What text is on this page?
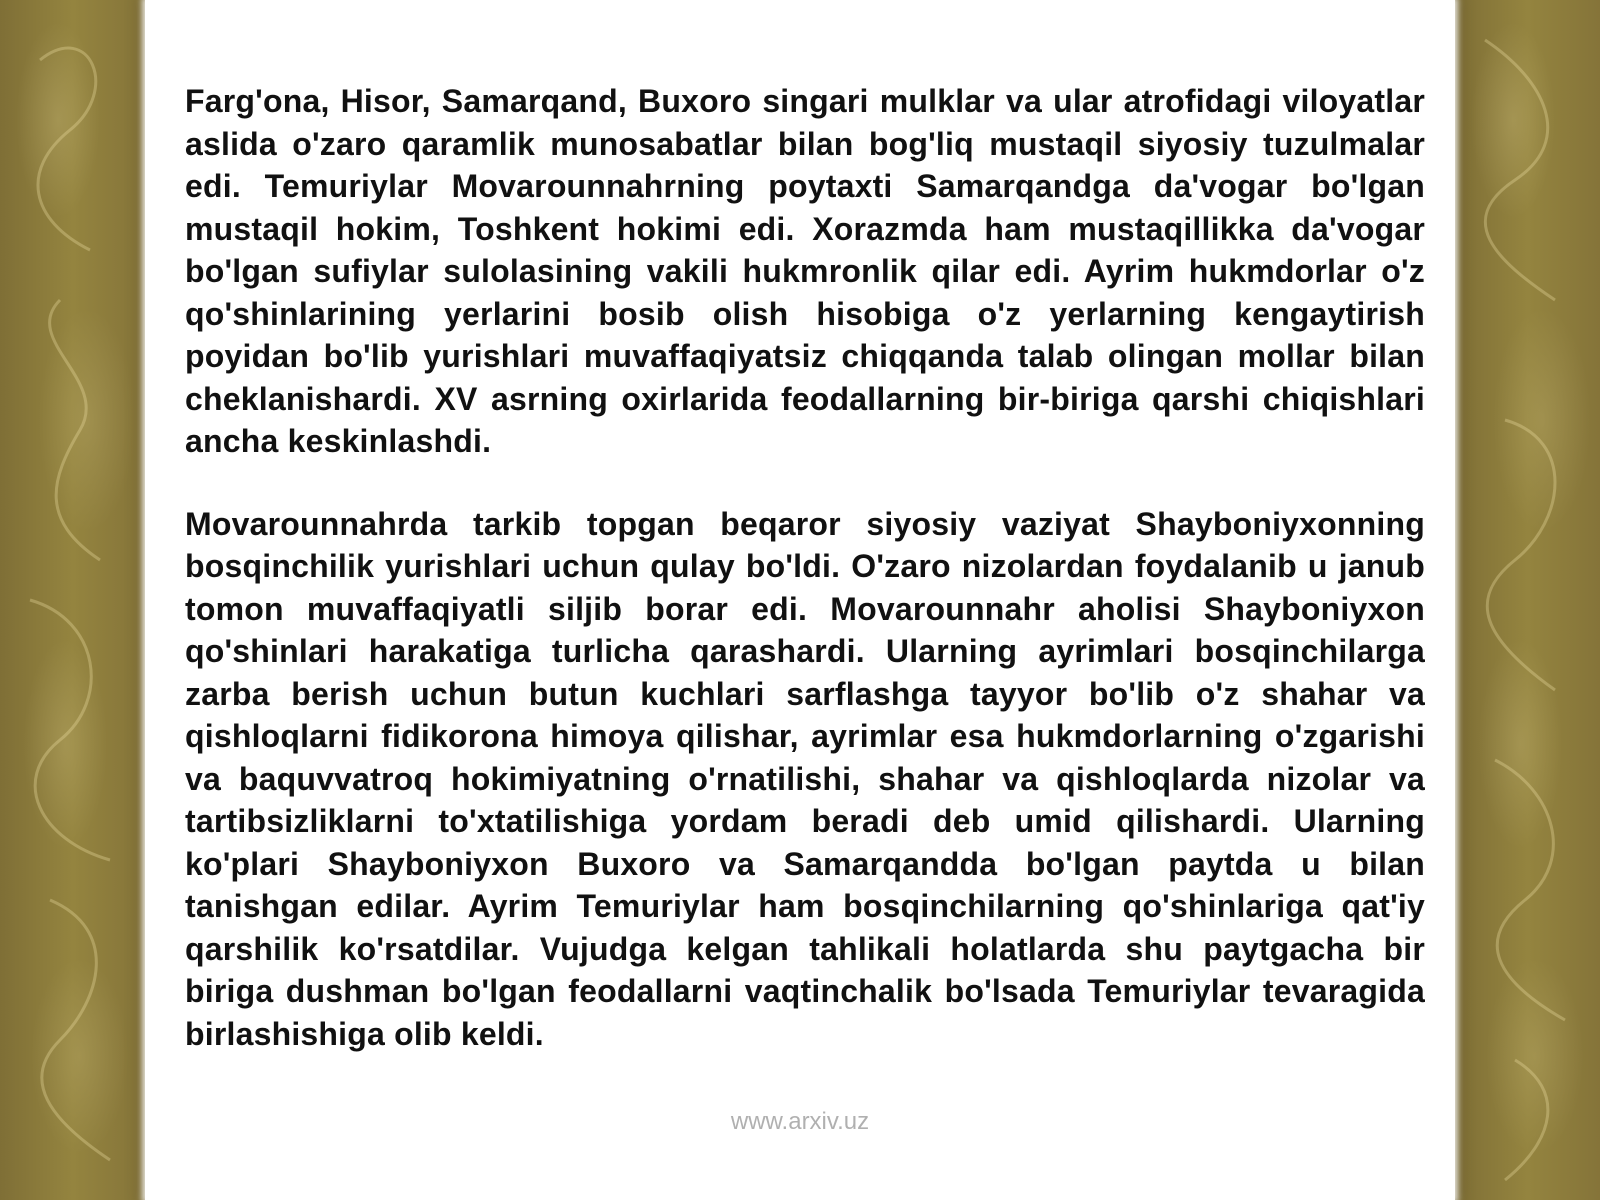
Farg'ona, Hisor, Samarqand, Buxoro singari mulklar va ular atrofidagi viloyatlar aslida o'zaro qaramlik munosabatlar bilan bog'liq mustaqil siyosiy tuzulmalar edi. Temuriylar Movarounnahrning poytaxti Samarqandga da'vogar bo'lgan mustaqil hokim, Toshkent hokimi edi. Xorazmda ham mustaqillikka da'vogar bo'lgan sufiylar sulolasining vakili hukmronlik qilar edi. Ayrim hukmdorlar o'z qo'shinlarining yerlarini bosib olish hisobiga o'z yerlarning kengaytirish poyidan bo'lib yurishlari muvaffaqiyatsiz chiqqanda talab olingan mollar bilan cheklanishardi. XV asrning oxirlarida feodallarning bir-biriga qarshi chiqishlari ancha keskinlashdi.

Movarounnahrda tarkib topgan beqaror siyosiy vaziyat Shayboniyxonning bosqinchilik yurishlari uchun qulay bo'ldi. O'zaro nizolardan foydalanib u janub tomon muvaffaqiyatli siljib borar edi. Movarounnahr aholisi Shayboniyxon qo'shinlari harakatiga turlicha qarashardi. Ularning ayrimlari bosqinchilarga zarba berish uchun butun kuchlari sarflashga tayyor bo'lib o'z shahar va qishloqlarni fidikorona himoya qilishar, ayrimlar esa hukmdorlarning o'zgarishi va baquvvatroq hokimiyatning o'rnatilishi, shahar va qishloqlarda nizolar va tartibsizliklarni to'xtatilishiga yordam beradi deb umid qilishardi. Ularning ko'plari Shayboniyxon Buxoro va Samarqandda bo'lgan paytda u bilan tanishgan edilar. Ayrim Temuriylar ham bosqinchilarning qo'shinlariga qat'iy qarshilik ko'rsatdilar. Vujudga kelgan tahlikali holatlarda shu paytgacha bir biriga dushman bo'lgan feodallarni vaqtinchalik bo'lsada Temuriylar tevaragida birlashishiga olib keldi.

www.arxiv.uz
